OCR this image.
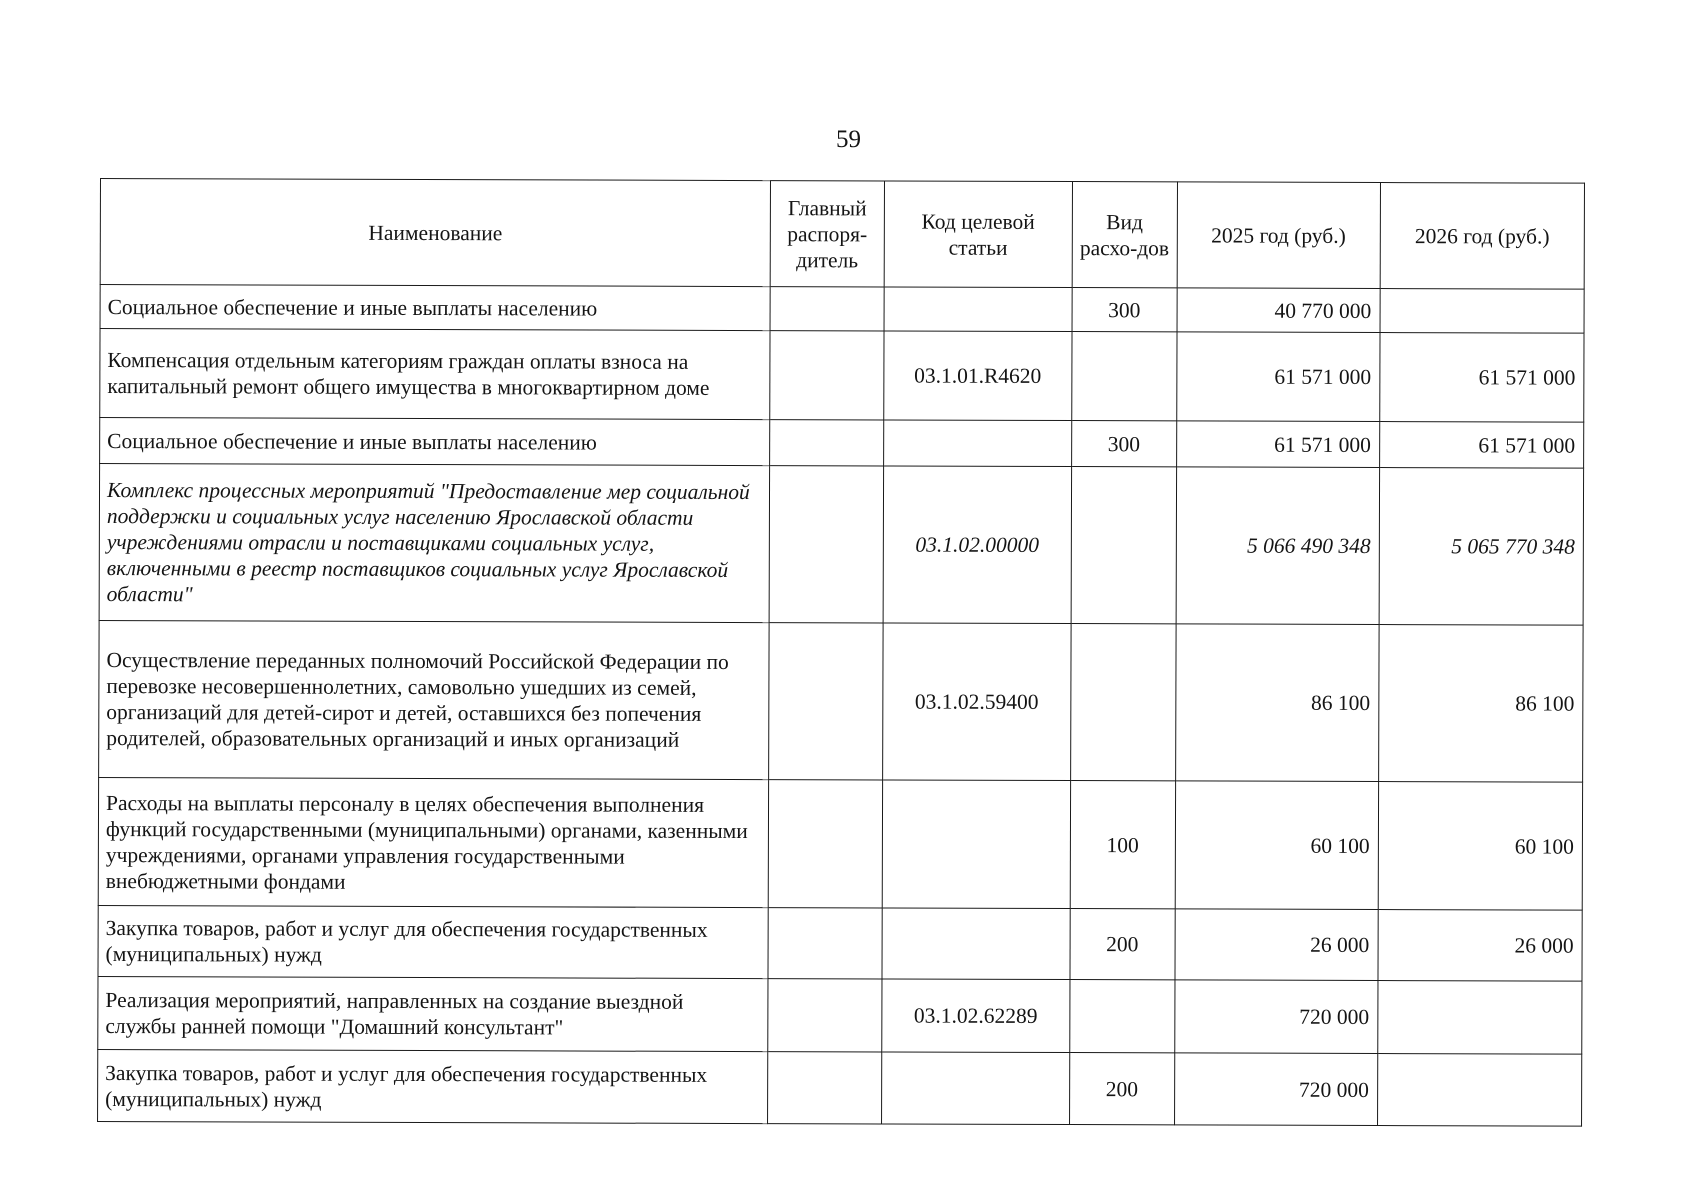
59
Наименование	Главный распоря-дитель	Код целевой статьи	Вид расхо-дов	2025 год (руб.)	2026 год (руб.)
Социальное обеспечение и иные выплаты населению			300	40 770 000	
Компенсация отдельным категориям граждан оплаты взноса на капитальный ремонт общего имущества в многоквартирном доме		03.1.01.R4620		61 571 000	61 571 000
Социальное обеспечение и иные выплаты населению			300	61 571 000	61 571 000
Комплекс процессных мероприятий "Предоставление мер социальной поддержки и социальных услуг населению Ярославской области учреждениями отрасли и поставщиками социальных услуг, включенными в реестр поставщиков социальных услуг Ярославской области"		03.1.02.00000		5 066 490 348	5 065 770 348
Осуществление переданных полномочий Российской Федерации по перевозке несовершеннолетних, самовольно ушедших из семей, организаций для детей-сирот и детей, оставшихся без попечения родителей, образовательных организаций и иных организаций		03.1.02.59400		86 100	86 100
Расходы на выплаты персоналу в целях обеспечения выполнения функций государственными (муниципальными) органами, казенными учреждениями, органами управления государственными внебюджетными фондами			100	60 100	60 100
Закупка товаров, работ и услуг для обеспечения государственных (муниципальных) нужд			200	26 000	26 000
Реализация мероприятий, направленных на создание выездной службы ранней помощи "Домашний консультант"		03.1.02.62289		720 000	
Закупка товаров, работ и услуг для обеспечения государственных (муниципальных) нужд			200	720 000	
